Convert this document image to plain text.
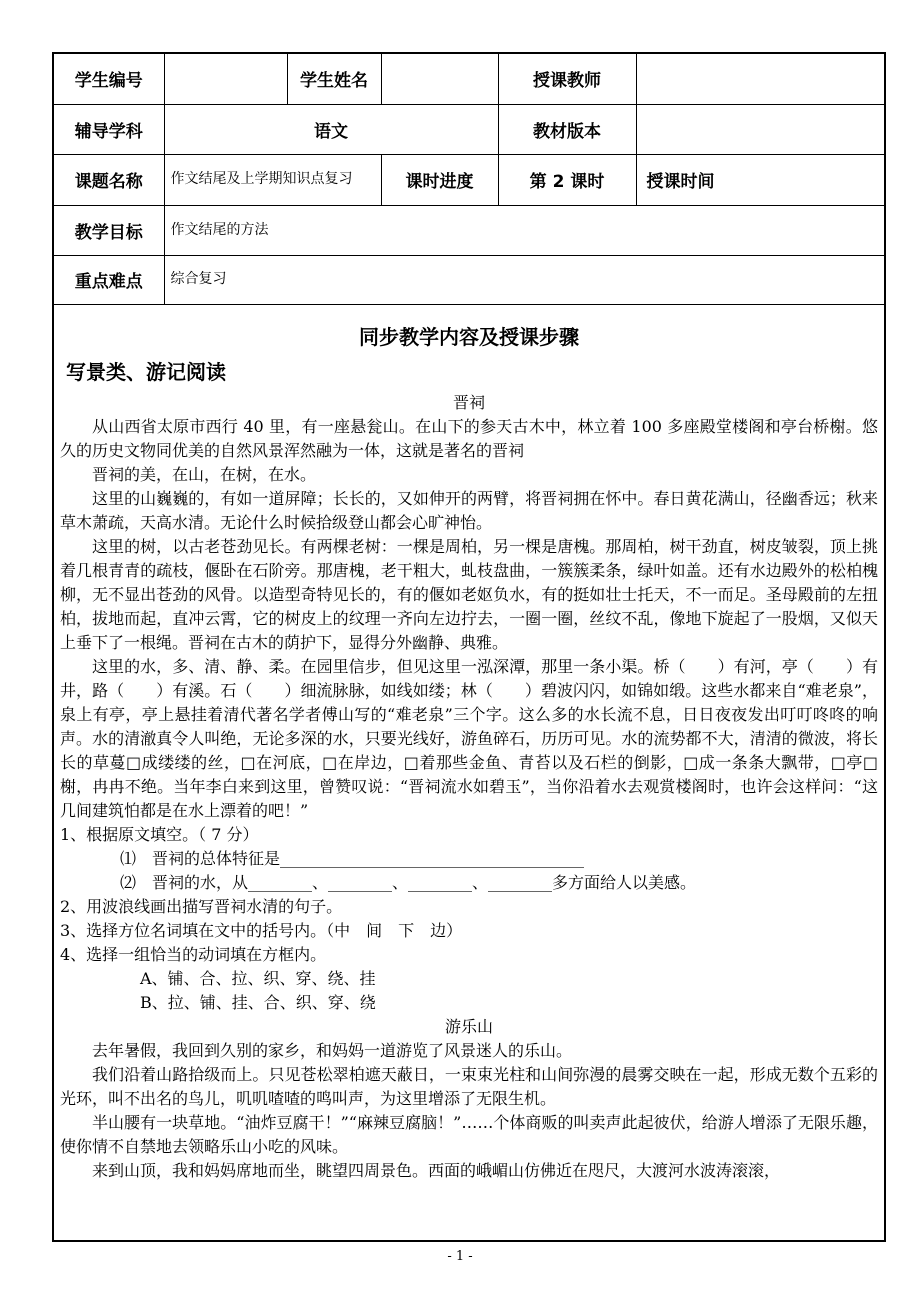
学生编号		学生姓名		授课教师	
辅导学科	语文			教材版本	
课题名称	作文结尾及上学期知识点复习		课时进度	第 2 课时	授课时间
教学目标	作文结尾的方法				
重点难点	综合复习				
同步教学内容及授课步骤
写景类、游记阅读
晋祠

从山西省太原市西行 40 里，有一座悬瓮山。在山下的参天古木中，林立着 100 多座殿堂楼阁和亭台桥榭。悠久的历史文物同优美的自然风景浑然融为一体，这就是著名的晋祠

晋祠的美，在山，在树，在水。

这里的山巍巍的，有如一道屏障；长长的，又如伸开的两臂，将晋祠拥在怀中。春日黄花满山，径幽香远；秋来草木萧疏，天高水清。无论什么时候拾级登山都会心旷神怡。

这里的树，以古老苍劲见长。有两棵老树：一棵是周柏，另一棵是唐槐。那周柏，树干劲直，树皮皱裂，顶上挑着几根青青的疏枝，偃卧在石阶旁。那唐槐，老干粗大，虬枝盘曲，一簇簇柔条，绿叶如盖。还有水边殿外的松柏槐柳，无不显出苍劲的风骨。以造型奇特见长的，有的偃如老妪负水，有的挺如壮士托天，不一而足。圣母殿前的左扭柏，拔地而起，直冲云霄，它的树皮上的纹理一齐向左边拧去，一圈一圈，丝纹不乱，像地下旋起了一股烟，又似天上垂下了一根绳。晋祠在古木的荫护下，显得分外幽静、典雅。

这里的水，多、清、静、柔。在园里信步，但见这里一泓深潭，那里一条小渠。桥（　　）有河，亭（　　）有井，路（　　）有溪。石（　　）细流脉脉，如线如缕；林（　　）碧波闪闪，如锦如缎。这些水都来自“难老泉”，泉上有亭，亭上悬挂着清代著名学者傅山写的“难老泉”三个字。这么多的水长流不息，日日夜夜发出叮叮咚咚的响声。水的清澈真令人叫绝，无论多深的水，只要光线好，游鱼碎石，历历可见。水的流势都不大，清清的微波，将长长的草蔓□成缕缕的丝，□在河底，□在岸边，□着那些金鱼、青苔以及石栏的倒影，□成一条条大飘带，□亭□榭，冉冉不绝。当年李白来到这里，曾赞叹说：“晋祠流水如碧玉”，当你沿着水去观赏楼阁时，也许会这样问：“这几间建筑怕都是在水上漂着的吧！”

1、根据原文填空。（ 7 分）

⑴　晋祠的总体特征是______________________________________

⑵　晋祠的水，从________、________、________、________多方面给人以美感。

2、用波浪线画出描写晋祠水清的句子。

3、选择方位名词填在文中的括号内。（中　间　下　边）

4、选择一组恰当的动词填在方框内。

A、铺、合、拉、织、穿、绕、挂

B、拉、铺、挂、合、织、穿、绕

游乐山

去年暑假，我回到久别的家乡，和妈妈一道游览了风景迷人的乐山。

我们沿着山路拾级而上。只见苍松翠柏遮天蔽日，一束束光柱和山间弥漫的晨雾交映在一起，形成无数个五彩的光环，叫不出名的鸟儿，叽叽喳喳的鸣叫声，为这里增添了无限生机。

半山腰有一块草地。“油炸豆腐干！”“麻辣豆腐脑！”……个体商贩的叫卖声此起彼伏，给游人增添了无限乐趣，使你情不自禁地去领略乐山小吃的风味。

来到山顶，我和妈妈席地而坐，眺望四周景色。西面的峨嵋山仿佛近在咫尺，大渡河水波涛滚滚，

- 1 -
